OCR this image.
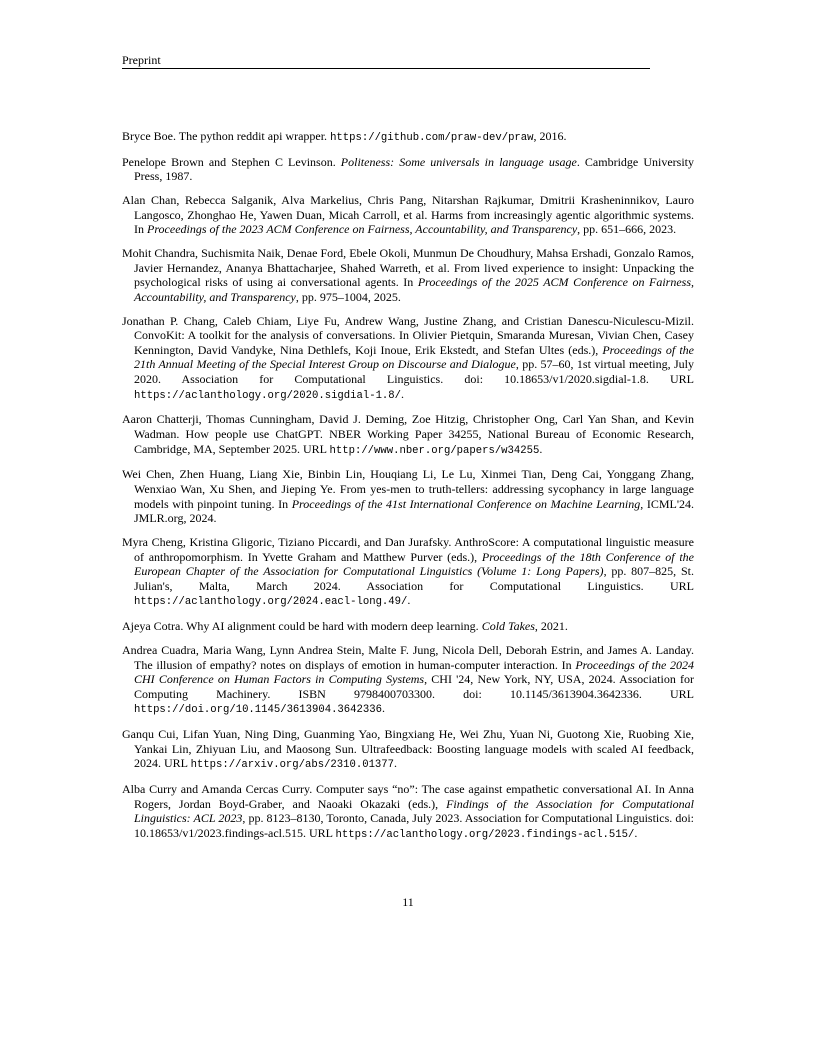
Preprint

Bryce Boe. The python reddit api wrapper. https://github.com/praw-dev/praw, 2016.

Penelope Brown and Stephen C Levinson. Politeness: Some universals in language usage. Cambridge University Press, 1987.

Alan Chan, Rebecca Salganik, Alva Markelius, Chris Pang, Nitarshan Rajkumar, Dmitrii Krasheninnikov, Lauro Langosco, Zhonghao He, Yawen Duan, Micah Carroll, et al. Harms from increasingly agentic algorithmic systems. In Proceedings of the 2023 ACM Conference on Fairness, Accountability, and Transparency, pp. 651–666, 2023.

Mohit Chandra, Suchismita Naik, Denae Ford, Ebele Okoli, Munmun De Choudhury, Mahsa Ershadi, Gonzalo Ramos, Javier Hernandez, Ananya Bhattacharjee, Shahed Warreth, et al. From lived experience to insight: Unpacking the psychological risks of using ai conversational agents. In Proceedings of the 2025 ACM Conference on Fairness, Accountability, and Transparency, pp. 975–1004, 2025.

Jonathan P. Chang, Caleb Chiam, Liye Fu, Andrew Wang, Justine Zhang, and Cristian Danescu-Niculescu-Mizil. ConvoKit: A toolkit for the analysis of conversations. In Olivier Pietquin, Smaranda Muresan, Vivian Chen, Casey Kennington, David Vandyke, Nina Dethlefs, Koji Inoue, Erik Ekstedt, and Stefan Ultes (eds.), Proceedings of the 21th Annual Meeting of the Special Interest Group on Discourse and Dialogue, pp. 57–60, 1st virtual meeting, July 2020. Association for Computational Linguistics. doi: 10.18653/v1/2020.sigdial-1.8. URL https://aclanthology.org/2020.sigdial-1.8/.

Aaron Chatterji, Thomas Cunningham, David J. Deming, Zoe Hitzig, Christopher Ong, Carl Yan Shan, and Kevin Wadman. How people use ChatGPT. NBER Working Paper 34255, National Bureau of Economic Research, Cambridge, MA, September 2025. URL http://www.nber.org/papers/w34255.

Wei Chen, Zhen Huang, Liang Xie, Binbin Lin, Houqiang Li, Le Lu, Xinmei Tian, Deng Cai, Yonggang Zhang, Wenxiao Wan, Xu Shen, and Jieping Ye. From yes-men to truth-tellers: addressing sycophancy in large language models with pinpoint tuning. In Proceedings of the 41st International Conference on Machine Learning, ICML'24. JMLR.org, 2024.

Myra Cheng, Kristina Gligoric, Tiziano Piccardi, and Dan Jurafsky. AnthroScore: A computational linguistic measure of anthropomorphism. In Yvette Graham and Matthew Purver (eds.), Proceedings of the 18th Conference of the European Chapter of the Association for Computational Linguistics (Volume 1: Long Papers), pp. 807–825, St. Julian's, Malta, March 2024. Association for Computational Linguistics. URL https://aclanthology.org/2024.eacl-long.49/.

Ajeya Cotra. Why AI alignment could be hard with modern deep learning. Cold Takes, 2021.

Andrea Cuadra, Maria Wang, Lynn Andrea Stein, Malte F. Jung, Nicola Dell, Deborah Estrin, and James A. Landay. The illusion of empathy? notes on displays of emotion in human-computer interaction. In Proceedings of the 2024 CHI Conference on Human Factors in Computing Systems, CHI '24, New York, NY, USA, 2024. Association for Computing Machinery. ISBN 9798400703300. doi: 10.1145/3613904.3642336. URL https://doi.org/10.1145/3613904.3642336.

Ganqu Cui, Lifan Yuan, Ning Ding, Guanming Yao, Bingxiang He, Wei Zhu, Yuan Ni, Guotong Xie, Ruobing Xie, Yankai Lin, Zhiyuan Liu, and Maosong Sun. Ultrafeedback: Boosting language models with scaled AI feedback, 2024. URL https://arxiv.org/abs/2310.01377.

Alba Curry and Amanda Cercas Curry. Computer says “no”: The case against empathetic conversational AI. In Anna Rogers, Jordan Boyd-Graber, and Naoaki Okazaki (eds.), Findings of the Association for Computational Linguistics: ACL 2023, pp. 8123–8130, Toronto, Canada, July 2023. Association for Computational Linguistics. doi: 10.18653/v1/2023.findings-acl.515. URL https://aclanthology.org/2023.findings-acl.515/.

11
